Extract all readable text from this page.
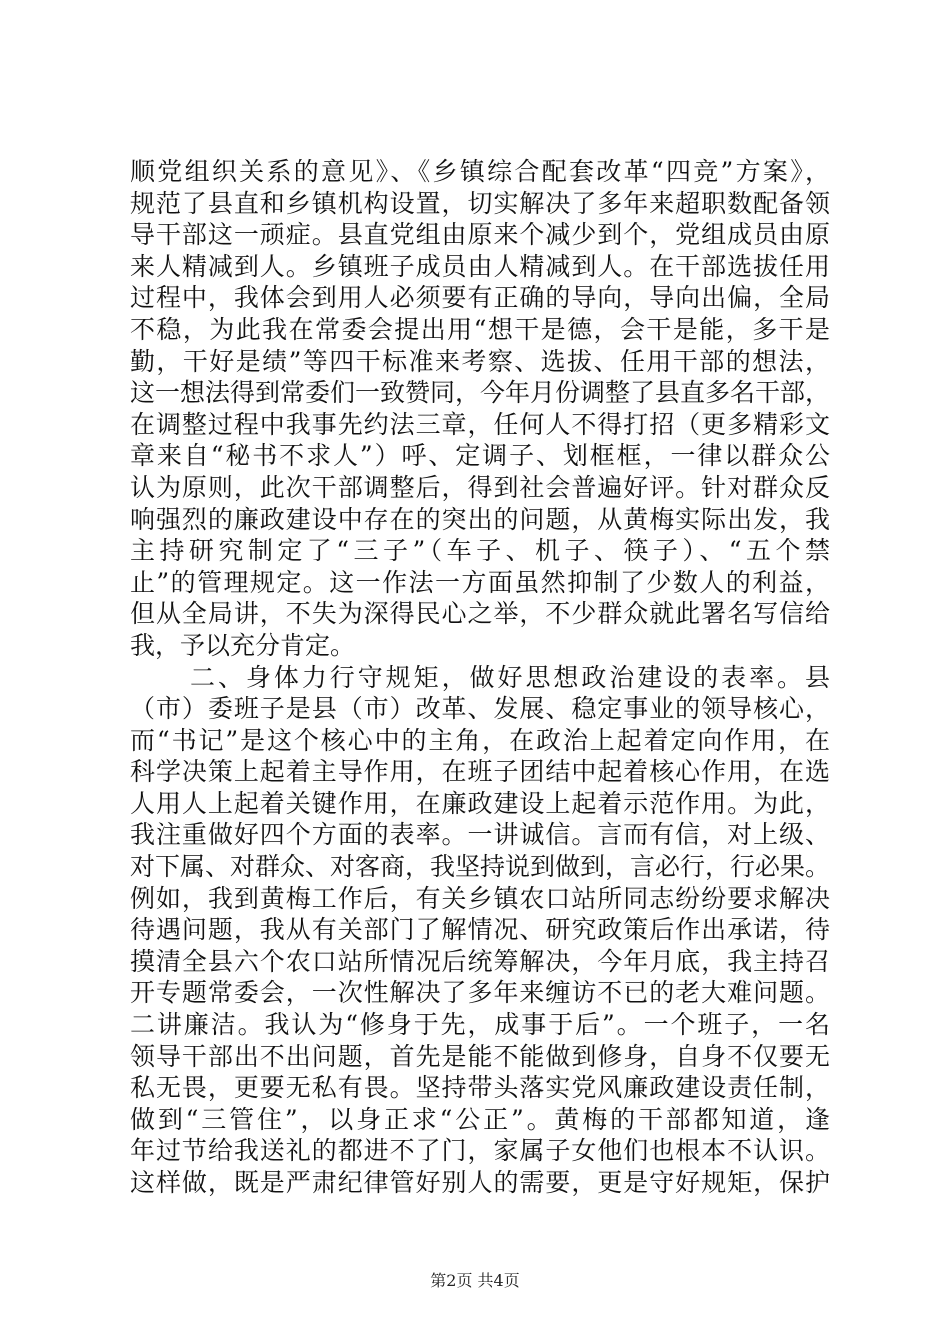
顺党组织关系的意见》、《乡镇综合配套改革“四竞”方案》，
规范了县直和乡镇机构设置，切实解决了多年来超职数配备领
导干部这一顽症。县直党组由原来个减少到个，党组成员由原
来人精减到人。乡镇班子成员由人精减到人。在干部选拔任用
过程中，我体会到用人必须要有正确的导向，导向出偏，全局
不稳，为此我在常委会提出用“想干是德，会干是能，多干是
勤，干好是绩”等四干标准来考察、选拔、任用干部的想法，
这一想法得到常委们一致赞同，今年月份调整了县直多名干部，
在调整过程中我事先约法三章，任何人不得打招（更多精彩文
章来自“秘书不求人”）呼、定调子、划框框，一律以群众公
认为原则，此次干部调整后，得到社会普遍好评。针对群众反
响强烈的廉政建设中存在的突出的问题，从黄梅实际出发，我
主持研究制定了“三子”（车子、机子、筷子）、“五个禁
止”的管理规定。这一作法一方面虽然抑制了少数人的利益，
但从全局讲，不失为深得民心之举，不少群众就此署名写信给
我，予以充分肯定。
二、身体力行守规矩，做好思想政治建设的表率。县
（市）委班子是县（市）改革、发展、稳定事业的领导核心，
而“书记”是这个核心中的主角，在政治上起着定向作用，在
科学决策上起着主导作用，在班子团结中起着核心作用，在选
人用人上起着关键作用，在廉政建设上起着示范作用。为此，
我注重做好四个方面的表率。一讲诚信。言而有信，对上级、
对下属、对群众、对客商，我坚持说到做到，言必行，行必果。
例如，我到黄梅工作后，有关乡镇农口站所同志纷纷要求解决
待遇问题，我从有关部门了解情况、研究政策后作出承诺，待
摸清全县六个农口站所情况后统筹解决，今年月底，我主持召
开专题常委会，一次性解决了多年来缠访不已的老大难问题。
二讲廉洁。我认为“修身于先，成事于后”。一个班子，一名
领导干部出不出问题，首先是能不能做到修身，自身不仅要无
私无畏，更要无私有畏。坚持带头落实党风廉政建设责任制，
做到“三管住”，以身正求“公正”。黄梅的干部都知道，逢
年过节给我送礼的都进不了门，家属子女他们也根本不认识。
这样做，既是严肃纪律管好别人的需要，更是守好规矩，保护
第2页 共4页
